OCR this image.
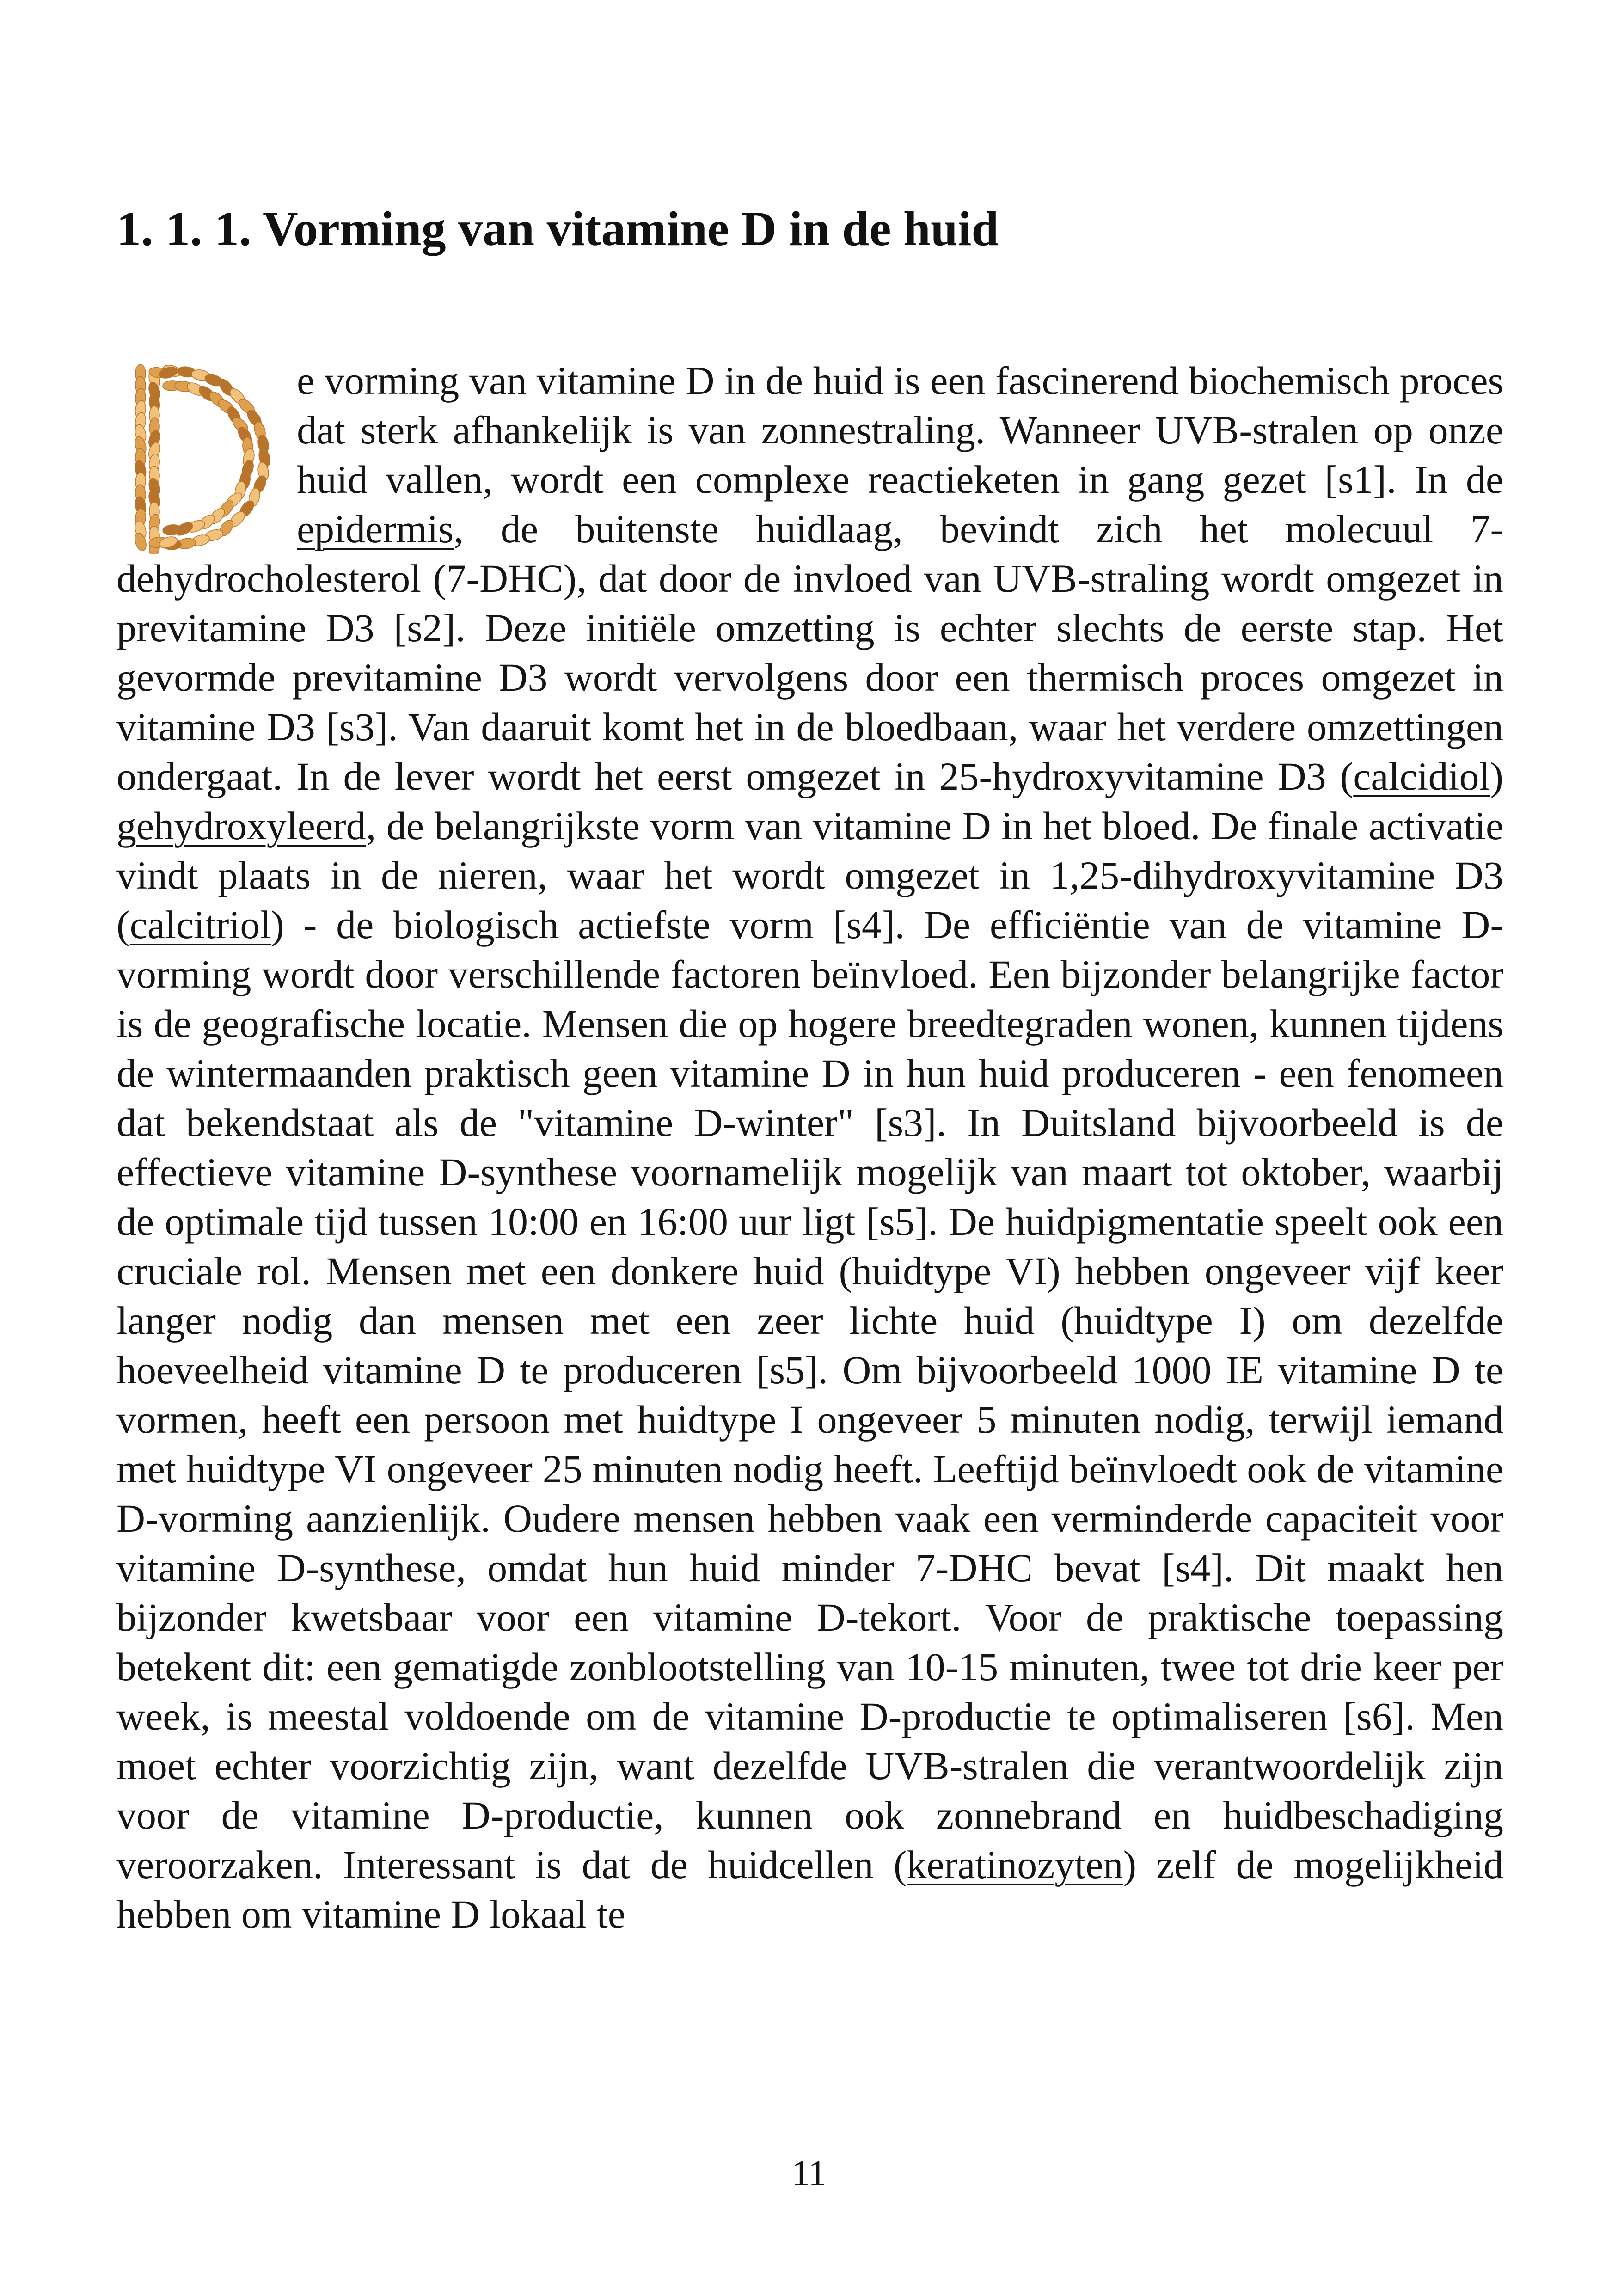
1. 1. 1. Vorming van vitamine D in de huid

e vorming van vitamine D in de huid is een fascinerend biochemisch proces dat sterk afhankelijk is van zonnestraling. Wanneer UVB-stralen op onze huid vallen, wordt een complexe reactieketen in gang gezet [s1]. In de epidermis, de buitenste huidlaag, bevindt zich het molecuul 7-dehydrocholesterol (7-DHC), dat door de invloed van UVB-straling wordt omgezet in previtamine D3 [s2]. Deze initiële omzetting is echter slechts de eerste stap. Het gevormde previtamine D3 wordt vervolgens door een thermisch proces omgezet in vitamine D3 [s3]. Van daaruit komt het in de bloedbaan, waar het verdere omzettingen ondergaat. In de lever wordt het eerst omgezet in 25-hydroxyvitamine D3 (calcidiol) gehydroxyleerd, de belangrijkste vorm van vitamine D in het bloed. De finale activatie vindt plaats in de nieren, waar het wordt omgezet in 1,25-dihydroxyvitamine D3 (calcitriol) - de biologisch actiefste vorm [s4]. De efficiëntie van de vitamine D-vorming wordt door verschillende factoren beïnvloed. Een bijzonder belangrijke factor is de geografische locatie. Mensen die op hogere breedtegraden wonen, kunnen tijdens de wintermaanden praktisch geen vitamine D in hun huid produceren - een fenomeen dat bekendstaat als de "vitamine D-winter" [s3]. In Duitsland bijvoorbeeld is de effectieve vitamine D-synthese voornamelijk mogelijk van maart tot oktober, waarbij de optimale tijd tussen 10:00 en 16:00 uur ligt [s5]. De huidpigmentatie speelt ook een cruciale rol. Mensen met een donkere huid (huidtype VI) hebben ongeveer vijf keer langer nodig dan mensen met een zeer lichte huid (huidtype I) om dezelfde hoeveelheid vitamine D te produceren [s5]. Om bijvoorbeeld 1000 IE vitamine D te vormen, heeft een persoon met huidtype I ongeveer 5 minuten nodig, terwijl iemand met huidtype VI ongeveer 25 minuten nodig heeft. Leeftijd beïnvloedt ook de vitamine D-vorming aanzienlijk. Oudere mensen hebben vaak een verminderde capaciteit voor vitamine D-synthese, omdat hun huid minder 7-DHC bevat [s4]. Dit maakt hen bijzonder kwetsbaar voor een vitamine D-tekort. Voor de praktische toepassing betekent dit: een gematigde zonblootstelling van 10-15 minuten, twee tot drie keer per week, is meestal voldoende om de vitamine D-productie te optimaliseren [s6]. Men moet echter voorzichtig zijn, want dezelfde UVB-stralen die verantwoordelijk zijn voor de vitamine D-productie, kunnen ook zonnebrand en huidbeschadiging veroorzaken. Interessant is dat de huidcellen (keratinozyten) zelf de mogelijkheid hebben om vitamine D lokaal te

11
